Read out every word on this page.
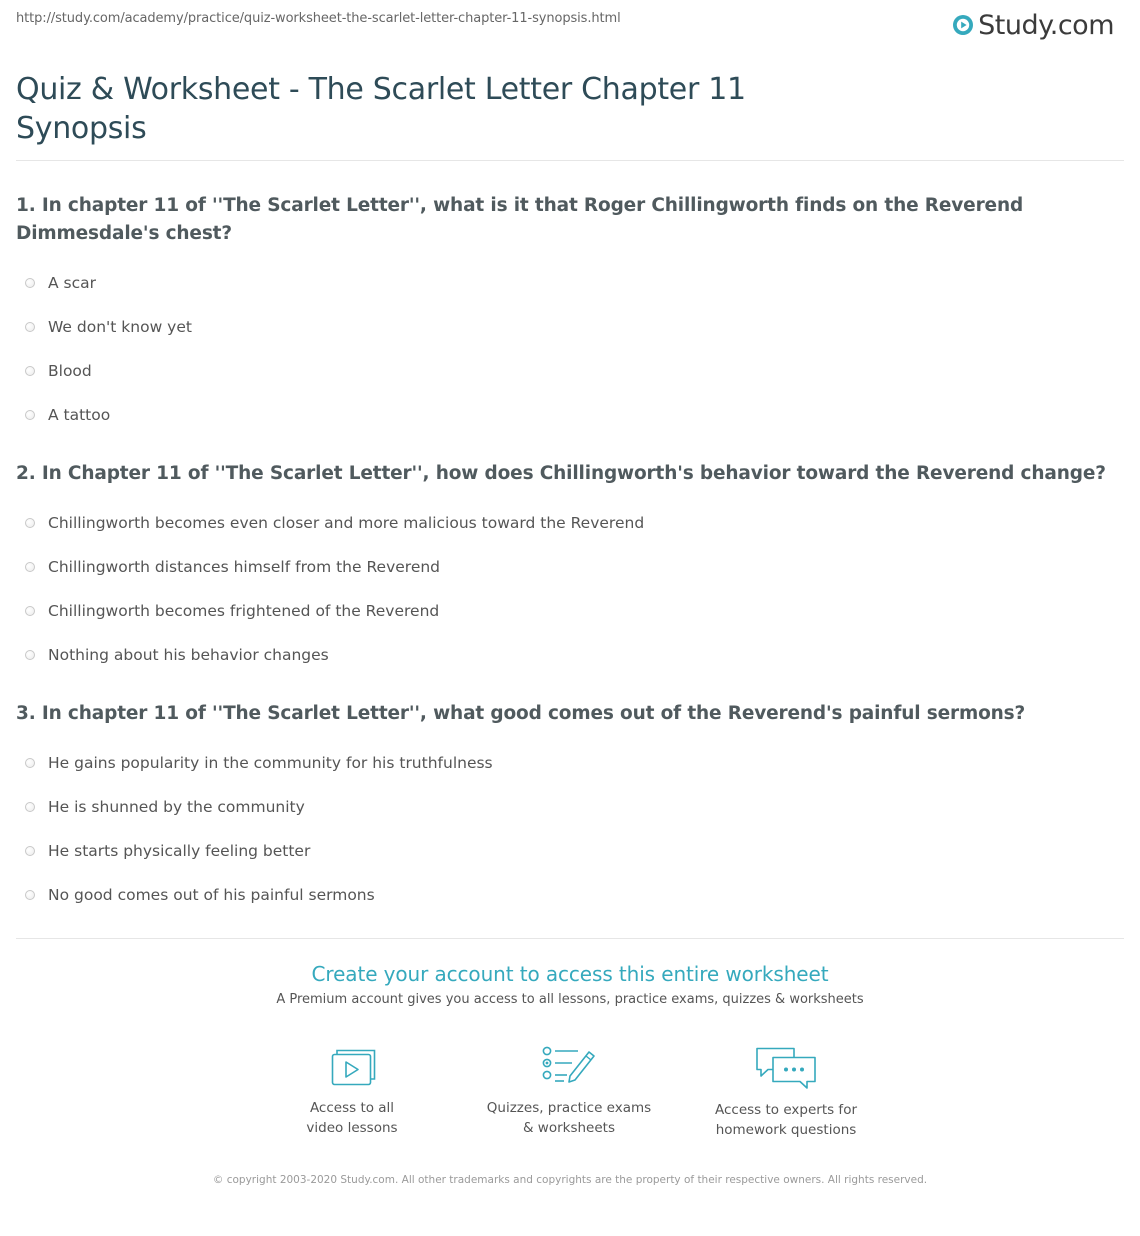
http://study.com/academy/practice/quiz-worksheet-the-scarlet-letter-chapter-11-synopsis.html	Study.com
Quiz & Worksheet - The Scarlet Letter Chapter 11 Synopsis
1. In chapter 11 of ''The Scarlet Letter'', what is it that Roger Chillingworth finds on the Reverend Dimmesdale's chest?
A scar
We don't know yet
Blood
A tattoo
2. In Chapter 11 of ''The Scarlet Letter'', how does Chillingworth's behavior toward the Reverend change?
Chillingworth becomes even closer and more malicious toward the Reverend
Chillingworth distances himself from the Reverend
Chillingworth becomes frightened of the Reverend
Nothing about his behavior changes
3. In chapter 11 of ''The Scarlet Letter'', what good comes out of the Reverend's painful sermons?
He gains popularity in the community for his truthfulness
He is shunned by the community
He starts physically feeling better
No good comes out of his painful sermons
Create your account to access this entire worksheet
A Premium account gives you access to all lessons, practice exams, quizzes & worksheets
Access to all
video lessons
Quizzes, practice exams
& worksheets
Access to experts for
homework questions
© copyright 2003-2020 Study.com. All other trademarks and copyrights are the property of their respective owners. All rights reserved.
